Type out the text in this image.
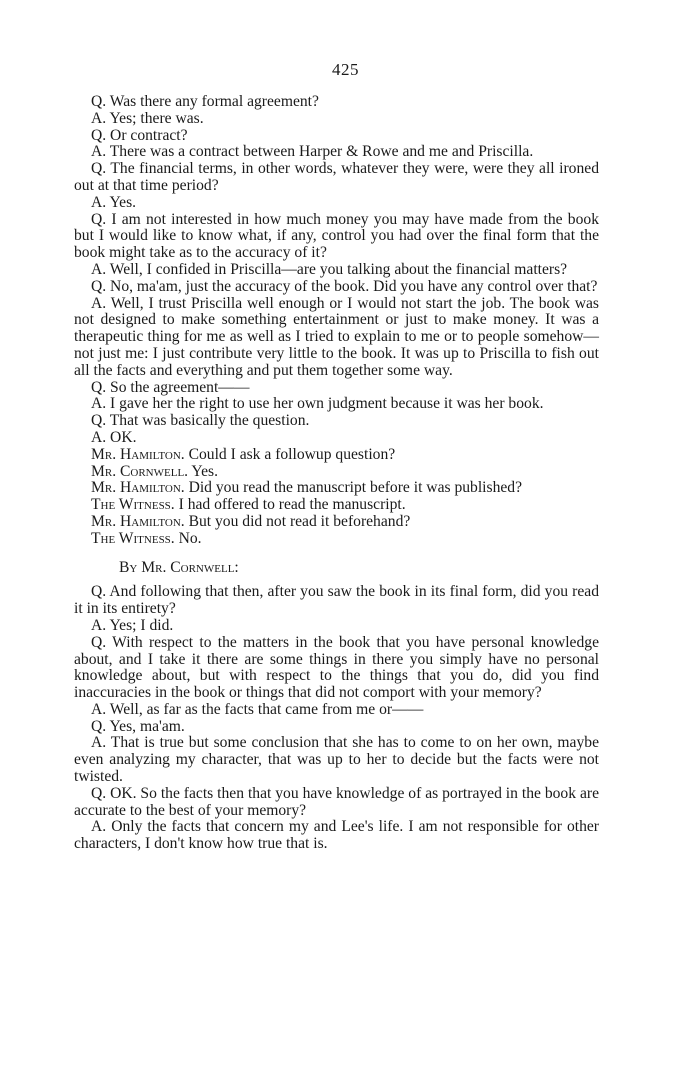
425

Q. Was there any formal agreement?

A. Yes; there was.

Q. Or contract?

A. There was a contract between Harper & Rowe and me and Priscilla.

Q. The financial terms, in other words, whatever they were, were they all ironed out at that time period?

A. Yes.

Q. I am not interested in how much money you may have made from the book but I would like to know what, if any, control you had over the final form that the book might take as to the accuracy of it?

A. Well, I confided in Priscilla—are you talking about the financial matters?

Q. No, ma'am, just the accuracy of the book. Did you have any control over that?

A. Well, I trust Priscilla well enough or I would not start the job. The book was not designed to make something entertainment or just to make money. It was a therapeutic thing for me as well as I tried to explain to me or to people somehow—not just me: I just contribute very little to the book. It was up to Priscilla to fish out all the facts and everything and put them together some way.

Q. So the agreement——

A. I gave her the right to use her own judgment because it was her book.

Q. That was basically the question.

A. OK.

Mr. Hamilton. Could I ask a followup question?

Mr. Cornwell. Yes.

Mr. Hamilton. Did you read the manuscript before it was published?

The Witness. I had offered to read the manuscript.

Mr. Hamilton. But you did not read it beforehand?

The Witness. No.

By Mr. Cornwell:

Q. And following that then, after you saw the book in its final form, did you read it in its entirety?

A. Yes; I did.

Q. With respect to the matters in the book that you have personal knowledge about, and I take it there are some things in there you simply have no personal knowledge about, but with respect to the things that you do, did you find inaccuracies in the book or things that did not comport with your memory?

A. Well, as far as the facts that came from me or——

Q. Yes, ma'am.

A. That is true but some conclusion that she has to come to on her own, maybe even analyzing my character, that was up to her to decide but the facts were not twisted.

Q. OK. So the facts then that you have knowledge of as portrayed in the book are accurate to the best of your memory?

A. Only the facts that concern my and Lee's life. I am not responsible for other characters, I don't know how true that is.
